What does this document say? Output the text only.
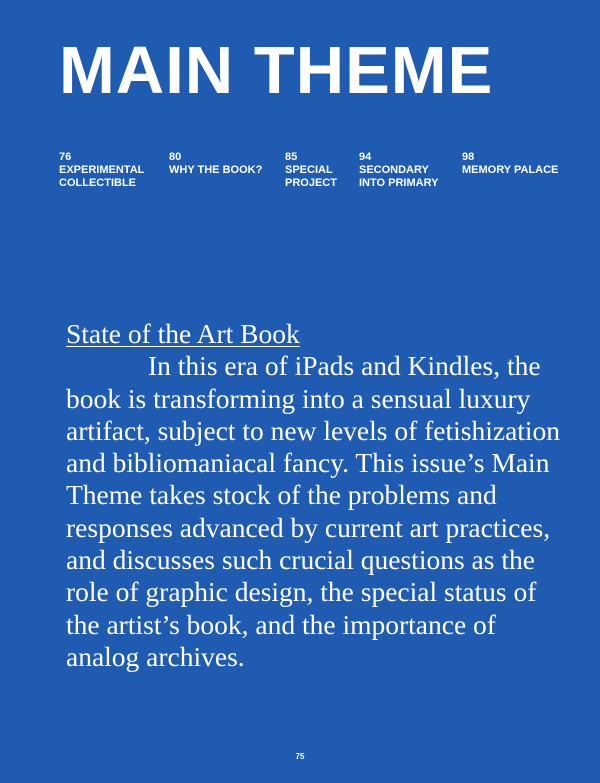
MAIN THEME
76
EXPERIMENTAL
COLLECTIBLE
80
WHY THE BOOK?
85
SPECIAL
PROJECT
94
SECONDARY
INTO PRIMARY
98
MEMORY PALACE
State of the Art Book
In this era of iPads and Kindles, the book is transforming into a sensual luxury artifact, subject to new levels of fetishization and bibliomaniacal fancy. This issue’s Main Theme takes stock of the problems and responses advanced by current art practices, and discusses such crucial questions as the role of graphic design, the special status of the artist’s book, and the importance of analog archives.
75
